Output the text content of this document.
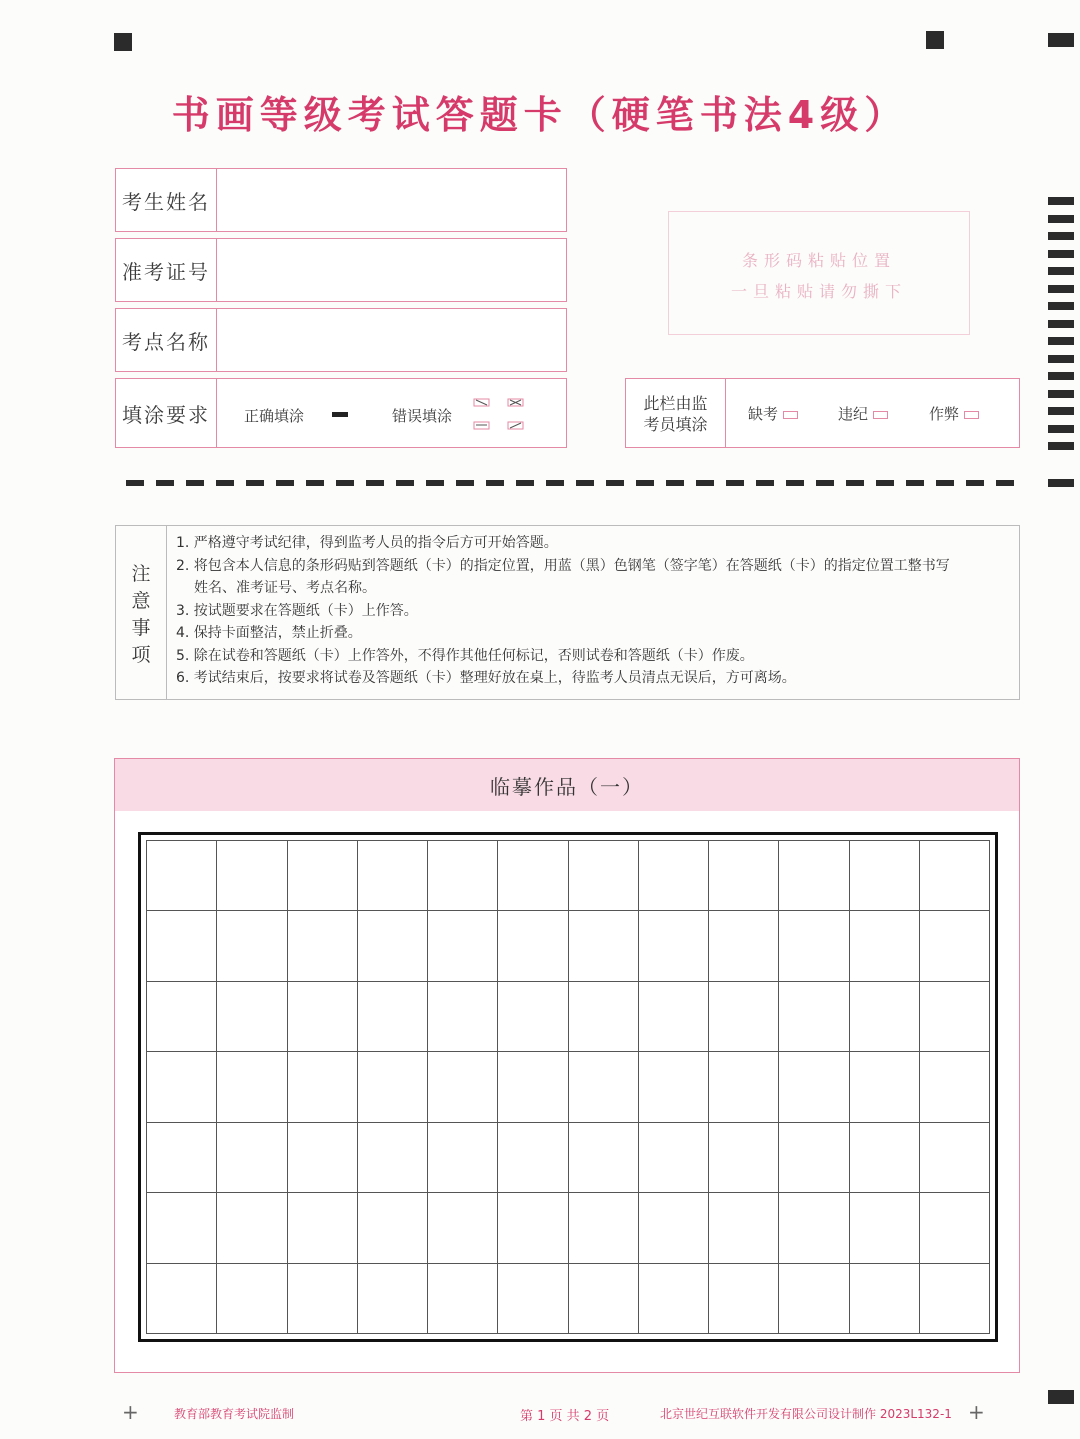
书画等级考试答题卡（硬笔书法4级）
考生姓名
准考证号
考点名称
条形码粘贴位置
一旦粘贴请勿撕下
填涂要求	正确填涂	错误填涂
此栏由监
考员填涂
缺考	违纪	作弊
注
意
事
项
1. 严格遵守考试纪律，得到监考人员的指令后方可开始答题。
2. 将包含本人信息的条形码贴到答题纸（卡）的指定位置，用蓝（黑）色钢笔（签字笔）在答题纸（卡）的指定位置工整书写
姓名、准考证号、考点名称。
3. 按试题要求在答题纸（卡）上作答。
4. 保持卡面整洁，禁止折叠。
5. 除在试卷和答题纸（卡）上作答外，不得作其他任何标记，否则试卷和答题纸（卡）作废。
6. 考试结束后，按要求将试卷及答题纸（卡）整理好放在桌上，待监考人员清点无误后，方可离场。
临摹作品（一）
+	教育部教育考试院监制	第 1 页 共 2 页	北京世纪互联软件开发有限公司设计制作 2023L132-1 +
